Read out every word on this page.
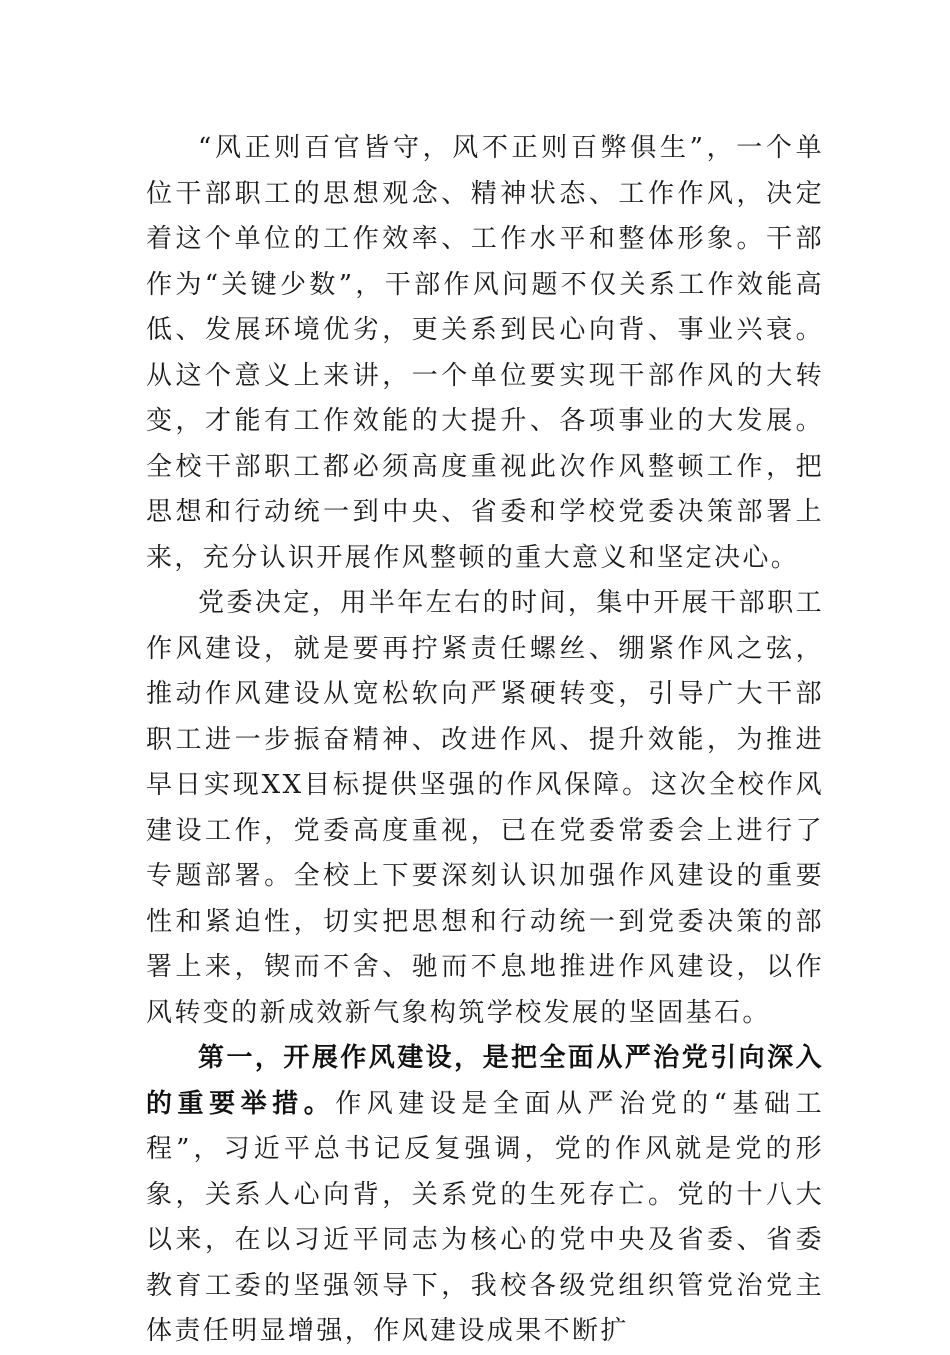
“风正则百官皆守，风不正则百弊俱生”，一个单位干部职工的思想观念、精神状态、工作作风，决定着这个单位的工作效率、工作水平和整体形象。干部作为“关键少数”，干部作风问题不仅关系工作效能高低、发展环境优劣，更关系到民心向背、事业兴衰。从这个意义上来讲，一个单位要实现干部作风的大转变，才能有工作效能的大提升、各项事业的大发展。全校干部职工都必须高度重视此次作风整顿工作，把思想和行动统一到中央、省委和学校党委决策部署上来，充分认识开展作风整顿的重大意义和坚定决心。

党委决定，用半年左右的时间，集中开展干部职工作风建设，就是要再拧紧责任螺丝、绷紧作风之弦，推动作风建设从宽松软向严紧硬转变，引导广大干部职工进一步振奋精神、改进作风、提升效能，为推进早日实现XX目标提供坚强的作风保障。这次全校作风建设工作，党委高度重视，已在党委常委会上进行了专题部署。全校上下要深刻认识加强作风建设的重要性和紧迫性，切实把思想和行动统一到党委决策的部署上来，锲而不舍、驰而不息地推进作风建设，以作风转变的新成效新气象构筑学校发展的坚固基石。

第一，开展作风建设，是把全面从严治党引向深入的重要举措。作风建设是全面从严治党的“基础工程”，习近平总书记反复强调，党的作风就是党的形象，关系人心向背，关系党的生死存亡。党的十八大以来，在以习近平同志为核心的党中央及省委、省委教育工委的坚强领导下，我校各级党组织管党治党主体责任明显增强，作风建设成果不断扩
